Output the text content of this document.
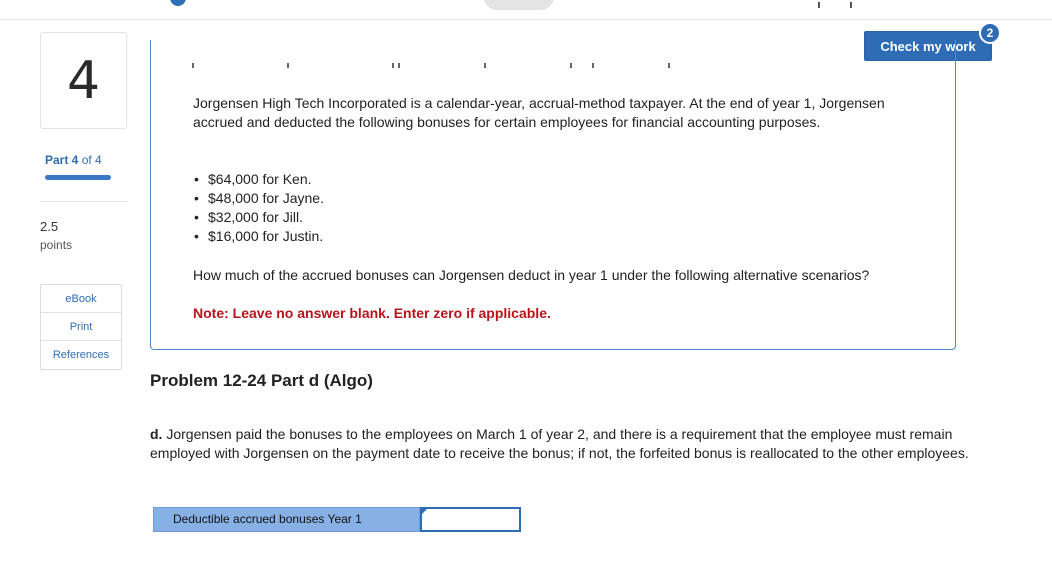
Check my work
2
4
Part 4 of 4
2.5
points
eBook
Print
References

Jorgensen High Tech Incorporated is a calendar-year, accrual-method taxpayer. At the end of year 1, Jorgensen accrued and deducted the following bonuses for certain employees for financial accounting purposes.

• $64,000 for Ken.
• $48,000 for Jayne.
• $32,000 for Jill.
• $16,000 for Justin.

How much of the accrued bonuses can Jorgensen deduct in year 1 under the following alternative scenarios?

Note: Leave no answer blank. Enter zero if applicable.

Problem 12-24 Part d (Algo)

d. Jorgensen paid the bonuses to the employees on March 1 of year 2, and there is a requirement that the employee must remain employed with Jorgensen on the payment date to receive the bonus; if not, the forfeited bonus is reallocated to the other employees.

Deductible accrued bonuses Year 1
